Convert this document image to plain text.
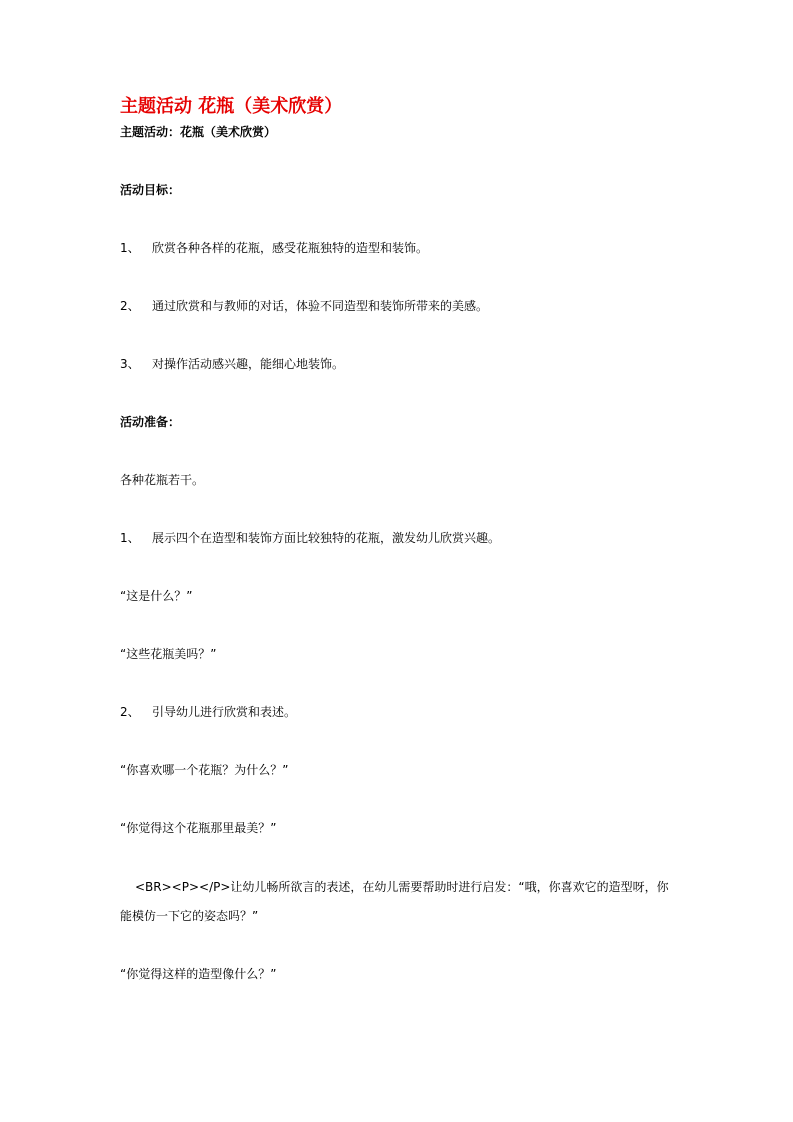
主题活动 花瓶（美术欣赏）
主题活动：花瓶（美术欣赏）
活动目标：
1、 欣赏各种各样的花瓶，感受花瓶独特的造型和装饰。
2、 通过欣赏和与教师的对话，体验不同造型和装饰所带来的美感。
3、 对操作活动感兴趣，能细心地装饰。
活动准备：
各种花瓶若干。
1、 展示四个在造型和装饰方面比较独特的花瓶，激发幼儿欣赏兴趣。
“这是什么？”
“这些花瓶美吗？”
2、 引导幼儿进行欣赏和表述。
“你喜欢哪一个花瓶？为什么？”
“你觉得这个花瓶那里最美？”
<BR><P></P>让幼儿畅所欲言的表述，在幼儿需要帮助时进行启发：“哦，你喜欢它的造型呀，你能模仿一下它的姿态吗？”
“你觉得这样的造型像什么？”
